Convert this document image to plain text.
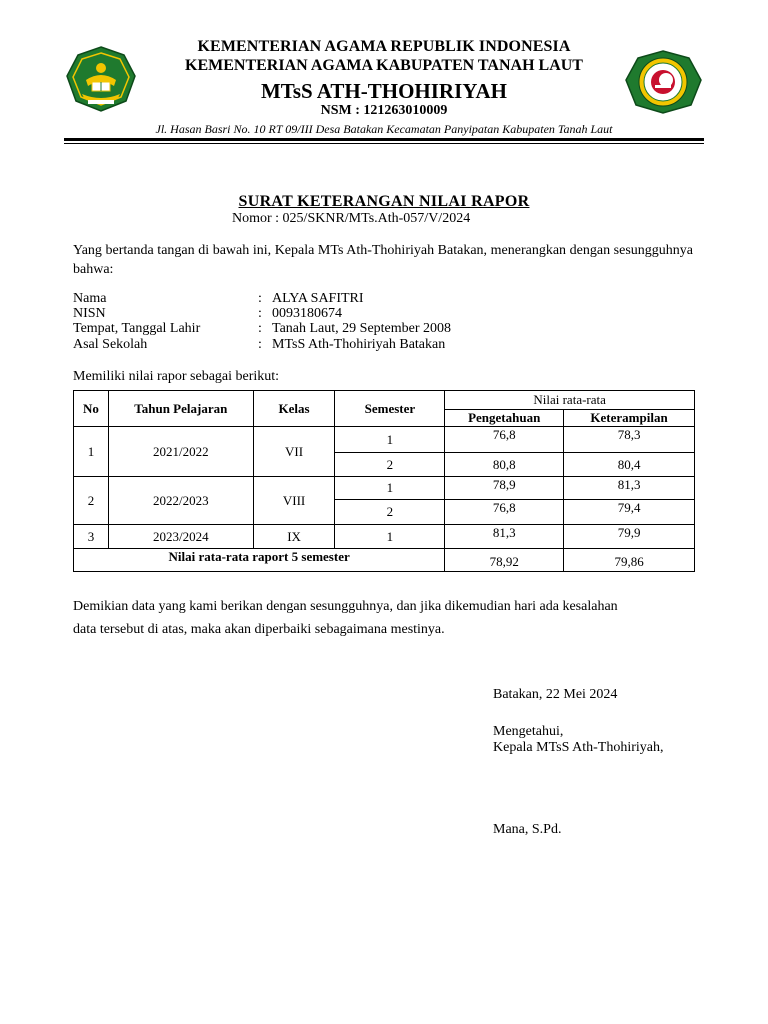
KEMENTERIAN AGAMA REPUBLIK INDONESIA
KEMENTERIAN AGAMA KABUPATEN TANAH LAUT
MTsS ATH-THOHIRIYAH
NSM : 121263010009
Jl. Hasan Basri No. 10 RT 09/III Desa Batakan Kecamatan Panyipatan Kabupaten Tanah Laut
SURAT KETERANGAN NILAI RAPOR
Nomor : 025/SKNR/MTs.Ath-057/V/2024
Yang bertanda tangan di bawah ini, Kepala MTs Ath-Thohiriyah Batakan, menerangkan dengan sesungguhnya bahwa:
Nama	: ALYA SAFITRI
NISN	: 0093180674
Tempat, Tanggal Lahir	: Tanah Laut, 29 September 2008
Asal Sekolah	: MTsS Ath-Thohiriyah Batakan
Memiliki nilai rapor sebagai berikut:
No	Tahun Pelajaran	Kelas	Semester	Nilai rata-rata	
				Pengetahuan	Keterampilan
1	2021/2022	VII	1	76,8	78,3
			2	80,8	80,4
2	2022/2023	VIII	1	78,9	81,3
			2	76,8	79,4
3	2023/2024	IX	1	81,3	79,9
Nilai rata-rata raport 5 semester				78,92	79,86
Demikian data yang kami berikan dengan sesungguhnya, dan jika dikemudian hari ada kesalahan
data tersebut di atas, maka akan diperbaiki sebagaimana mestinya.
Batakan, 22 Mei 2024
Mengetahui,
Kepala MTsS Ath-Thohiriyah,
Mana, S.Pd.
